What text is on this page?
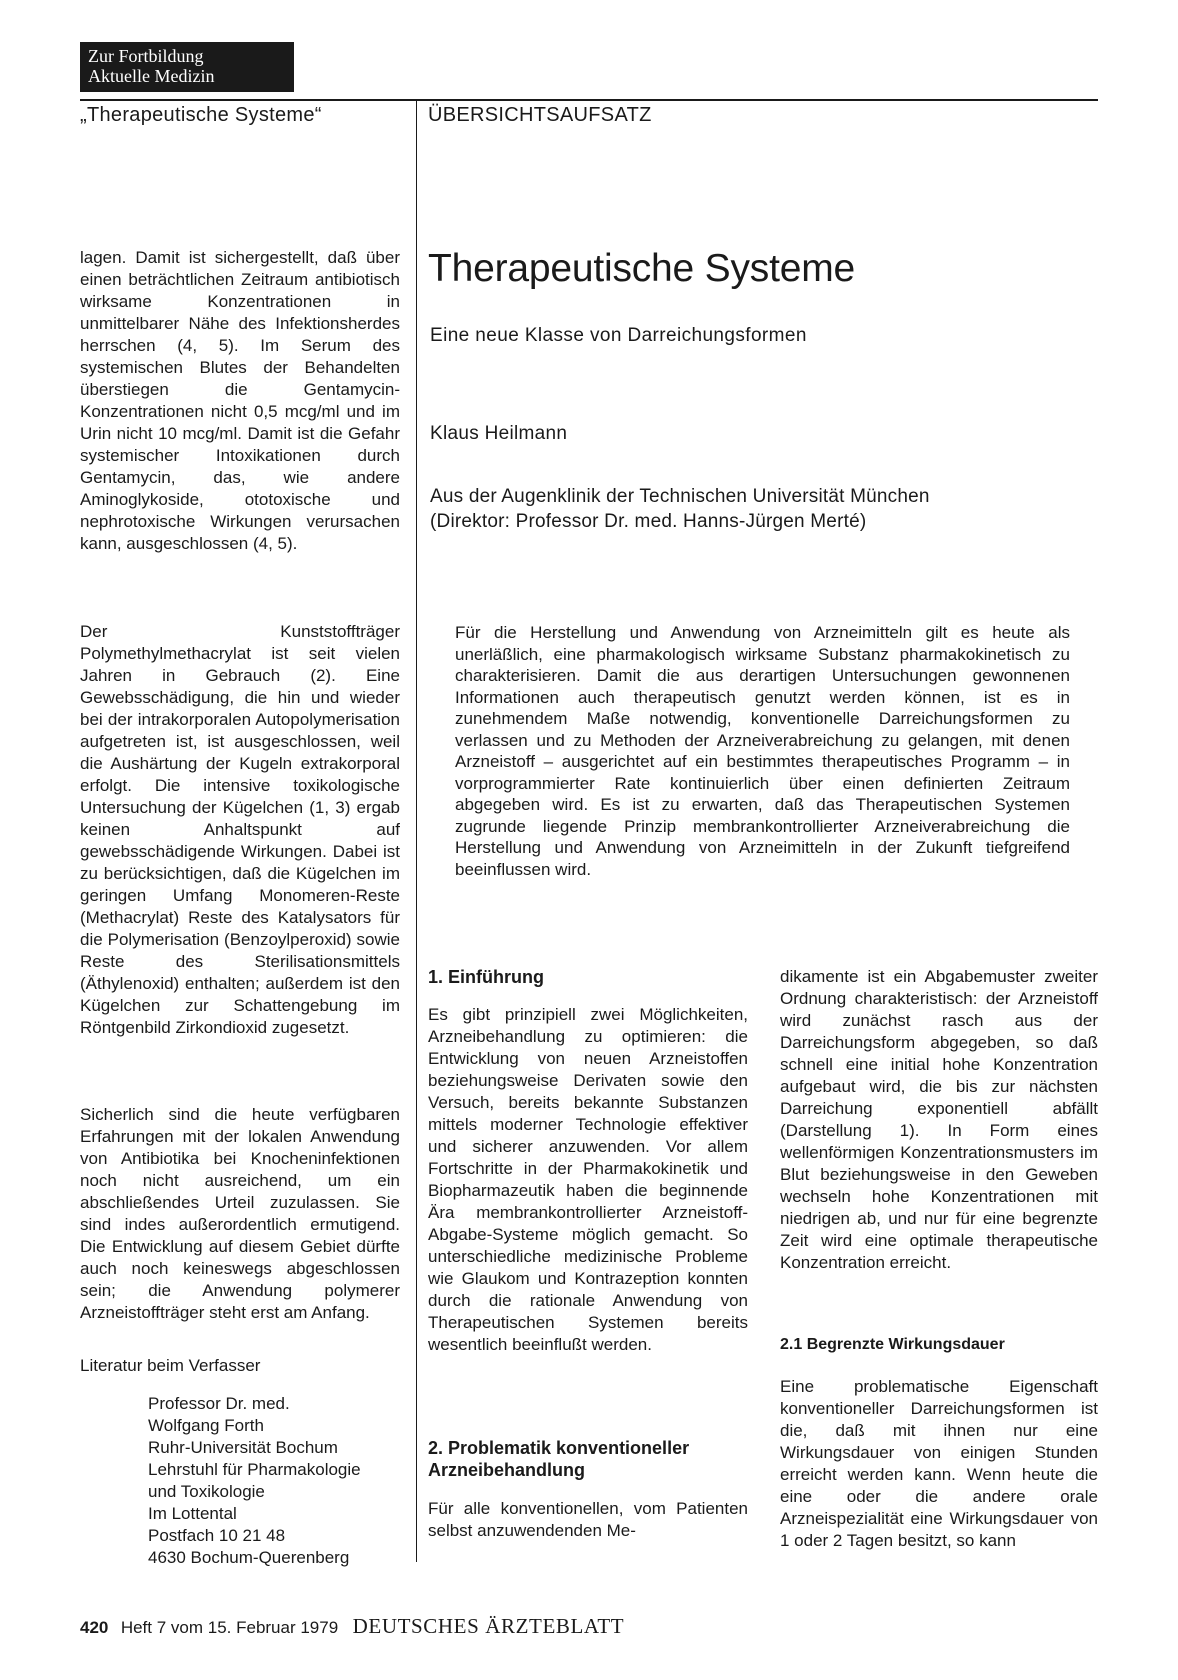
Zur Fortbildung
Aktuelle Medizin
„Therapeutische Systeme“	ÜBERSICHTSAUFSATZ

lagen. Damit ist sichergestellt, daß über einen beträchtlichen Zeitraum antibiotisch wirksame Konzentrationen in unmittelbarer Nähe des Infektionsherdes herrschen (4, 5). Im Serum des systemischen Blutes der Behandelten überstiegen die Gentamycin-Konzentrationen nicht 0,5 mcg/ml und im Urin nicht 10 mcg/ml. Damit ist die Gefahr systemischer Intoxikationen durch Gentamycin, das, wie andere Aminoglykoside, ototoxische und nephrotoxische Wirkungen verursachen kann, ausgeschlossen (4, 5).

Der Kunststoffträger Polymethylmethacrylat ist seit vielen Jahren in Gebrauch (2). Eine Gewebsschädigung, die hin und wieder bei der intrakorporalen Autopolymerisation aufgetreten ist, ist ausgeschlossen, weil die Aushärtung der Kugeln extrakorporal erfolgt. Die intensive toxikologische Untersuchung der Kügelchen (1, 3) ergab keinen Anhaltspunkt auf gewebsschädigende Wirkungen. Dabei ist zu berücksichtigen, daß die Kügelchen im geringen Umfang Monomeren-Reste (Methacrylat) Reste des Katalysators für die Polymerisation (Benzoylperoxid) sowie Reste des Sterilisationsmittels (Äthylenoxid) enthalten; außerdem ist den Kügelchen zur Schattengebung im Röntgenbild Zirkondioxid zugesetzt.

Sicherlich sind die heute verfügbaren Erfahrungen mit der lokalen Anwendung von Antibiotika bei Knocheninfektionen noch nicht ausreichend, um ein abschließendes Urteil zuzulassen. Sie sind indes außerordentlich ermutigend. Die Entwicklung auf diesem Gebiet dürfte auch noch keineswegs abgeschlossen sein; die Anwendung polymerer Arzneistoffträger steht erst am Anfang.

Literatur beim Verfasser
Professor Dr. med.
Wolfgang Forth
Ruhr-Universität Bochum
Lehrstuhl für Pharmakologie
und Toxikologie
Im Lottental
Postfach 10 21 48
4630 Bochum-Querenberg
Therapeutische Systeme
Eine neue Klasse von Darreichungsformen
Klaus Heilmann
Aus der Augenklinik der Technischen Universität München
(Direktor: Professor Dr. med. Hanns-Jürgen Merté)

Für die Herstellung und Anwendung von Arzneimitteln gilt es heute als unerläßlich, eine pharmakologisch wirksame Substanz pharmakokinetisch zu charakterisieren. Damit die aus derartigen Untersuchungen gewonnenen Informationen auch therapeutisch genutzt werden können, ist es in zunehmendem Maße notwendig, konventionelle Darreichungsformen zu verlassen und zu Methoden der Arzneiverabreichung zu gelangen, mit denen Arzneistoff – ausgerichtet auf ein bestimmtes therapeutisches Programm – in vorprogrammierter Rate kontinuierlich über einen definierten Zeitraum abgegeben wird. Es ist zu erwarten, daß das Therapeutischen Systemen zugrunde liegende Prinzip membrankontrollierter Arzneiverabreichung die Herstellung und Anwendung von Arzneimitteln in der Zukunft tiefgreifend beeinflussen wird.

1. Einführung

Es gibt prinzipiell zwei Möglichkeiten, Arzneibehandlung zu optimieren: die Entwicklung von neuen Arzneistoffen beziehungsweise Derivaten sowie den Versuch, bereits bekannte Substanzen mittels moderner Technologie effektiver und sicherer anzuwenden. Vor allem Fortschritte in der Pharmakokinetik und Biopharmazeutik haben die beginnende Ära membrankontrollierter Arzneistoff-Abgabe-Systeme möglich gemacht. So unterschiedliche medizinische Probleme wie Glaukom und Kontrazeption konnten durch die rationale Anwendung von Therapeutischen Systemen bereits wesentlich beeinflußt werden.

2. Problematik konventioneller
Arzneibehandlung

Für alle konventionellen, vom Patienten selbst anzuwendenden Me-

dikamente ist ein Abgabemuster zweiter Ordnung charakteristisch: der Arzneistoff wird zunächst rasch aus der Darreichungsform abgegeben, so daß schnell eine initial hohe Konzentration aufgebaut wird, die bis zur nächsten Darreichung exponentiell abfällt (Darstellung 1). In Form eines wellenförmigen Konzentrationsmusters im Blut beziehungsweise in den Geweben wechseln hohe Konzentrationen mit niedrigen ab, und nur für eine begrenzte Zeit wird eine optimale therapeutische Konzentration erreicht.

2.1 Begrenzte Wirkungsdauer

Eine problematische Eigenschaft konventioneller Darreichungsformen ist die, daß mit ihnen nur eine Wirkungsdauer von einigen Stunden erreicht werden kann. Wenn heute die eine oder die andere orale Arzneispezialität eine Wirkungsdauer von 1 oder 2 Tagen besitzt, so kann

420 Heft 7 vom 15. Februar 1979 DEUTSCHES ÄRZTEBLATT
